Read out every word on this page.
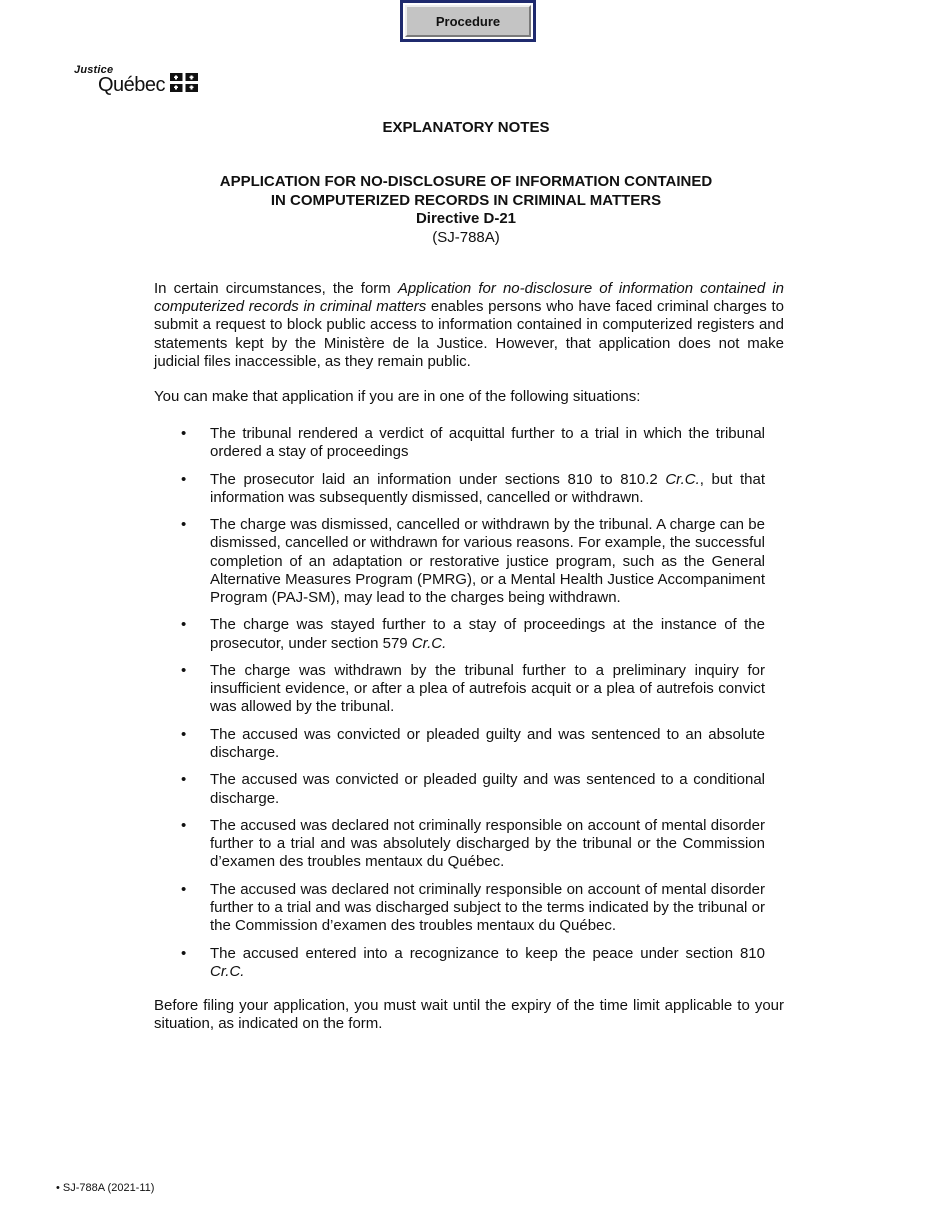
Procedure
Justice
Québec
EXPLANATORY NOTES
APPLICATION FOR NO-DISCLOSURE OF INFORMATION CONTAINED
IN COMPUTERIZED RECORDS IN CRIMINAL MATTERS
Directive D-21
(SJ-788A)

In certain circumstances, the form Application for no-disclosure of information contained in computerized records in criminal matters enables persons who have faced criminal charges to submit a request to block public access to information contained in computerized registers and statements kept by the Ministère de la Justice. However, that application does not make judicial files inaccessible, as they remain public.

You can make that application if you are in one of the following situations:

• The tribunal rendered a verdict of acquittal further to a trial in which the tribunal ordered a stay of proceedings
• The prosecutor laid an information under sections 810 to 810.2 Cr.C., but that information was subsequently dismissed, cancelled or withdrawn.
• The charge was dismissed, cancelled or withdrawn by the tribunal. A charge can be dismissed, cancelled or withdrawn for various reasons. For example, the successful completion of an adaptation or restorative justice program, such as the General Alternative Measures Program (PMRG), or a Mental Health Justice Accompaniment Program (PAJ-SM), may lead to the charges being withdrawn.
• The charge was stayed further to a stay of proceedings at the instance of the prosecutor, under section 579 Cr.C.
• The charge was withdrawn by the tribunal further to a preliminary inquiry for insufficient evidence, or after a plea of autrefois acquit or a plea of autrefois convict was allowed by the tribunal.
• The accused was convicted or pleaded guilty and was sentenced to an absolute discharge.
• The accused was convicted or pleaded guilty and was sentenced to a conditional discharge.
• The accused was declared not criminally responsible on account of mental disorder further to a trial and was absolutely discharged by the tribunal or the Commission d’examen des troubles mentaux du Québec.
• The accused was declared not criminally responsible on account of mental disorder further to a trial and was discharged subject to the terms indicated by the tribunal or the Commission d’examen des troubles mentaux du Québec.
• The accused entered into a recognizance to keep the peace under section 810 Cr.C.

Before filing your application, you must wait until the expiry of the time limit applicable to your situation, as indicated on the form.

• SJ-788A (2021-11)
